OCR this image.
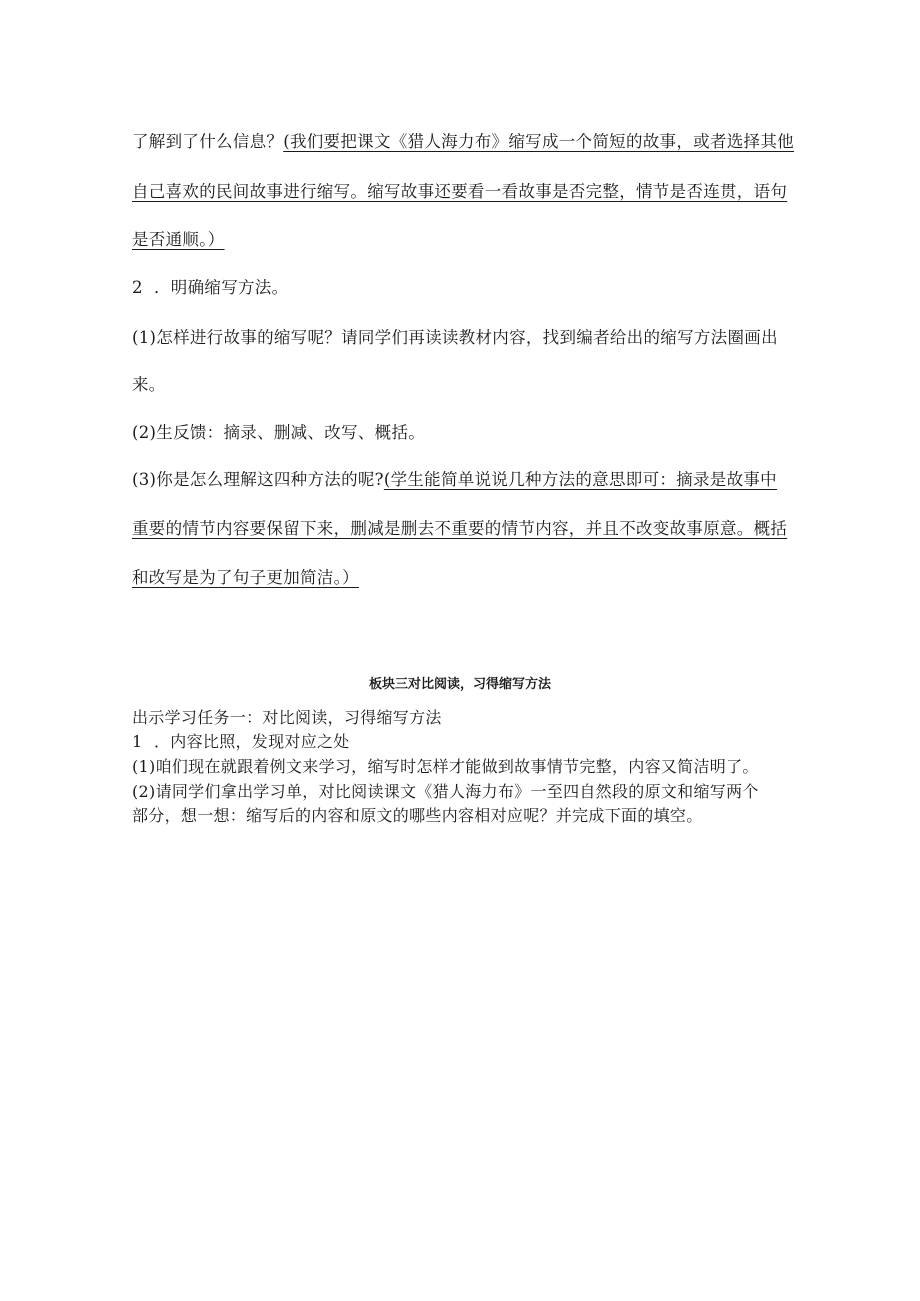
了解到了什么信息？(我们要把课文《猎人海力布》缩写成一个简短的故事，或者选择其他
自己喜欢的民间故事进行缩写。缩写故事还要看一看故事是否完整，情节是否连贯，语句
是否通顺。）
2 ．明确缩写方法。
(1)怎样进行故事的缩写呢？请同学们再读读教材内容，找到编者给出的缩写方法圈画出
来。
(2)生反馈：摘录、删减、改写、概括。
(3)你是怎么理解这四种方法的呢?(学生能简单说说几种方法的意思即可：摘录是故事中
重要的情节内容要保留下来，删减是删去不重要的情节内容，并且不改变故事原意。概括
和改写是为了句子更加简洁。）
板块三对比阅读，习得缩写方法
出示学习任务一：对比阅读，习得缩写方法
1 ．内容比照，发现对应之处
(1)咱们现在就跟着例文来学习，缩写时怎样才能做到故事情节完整，内容又简洁明了。
(2)请同学们拿出学习单，对比阅读课文《猎人海力布》一至四自然段的原文和缩写两个
部分，想一想：缩写后的内容和原文的哪些内容相对应呢？并完成下面的填空。
